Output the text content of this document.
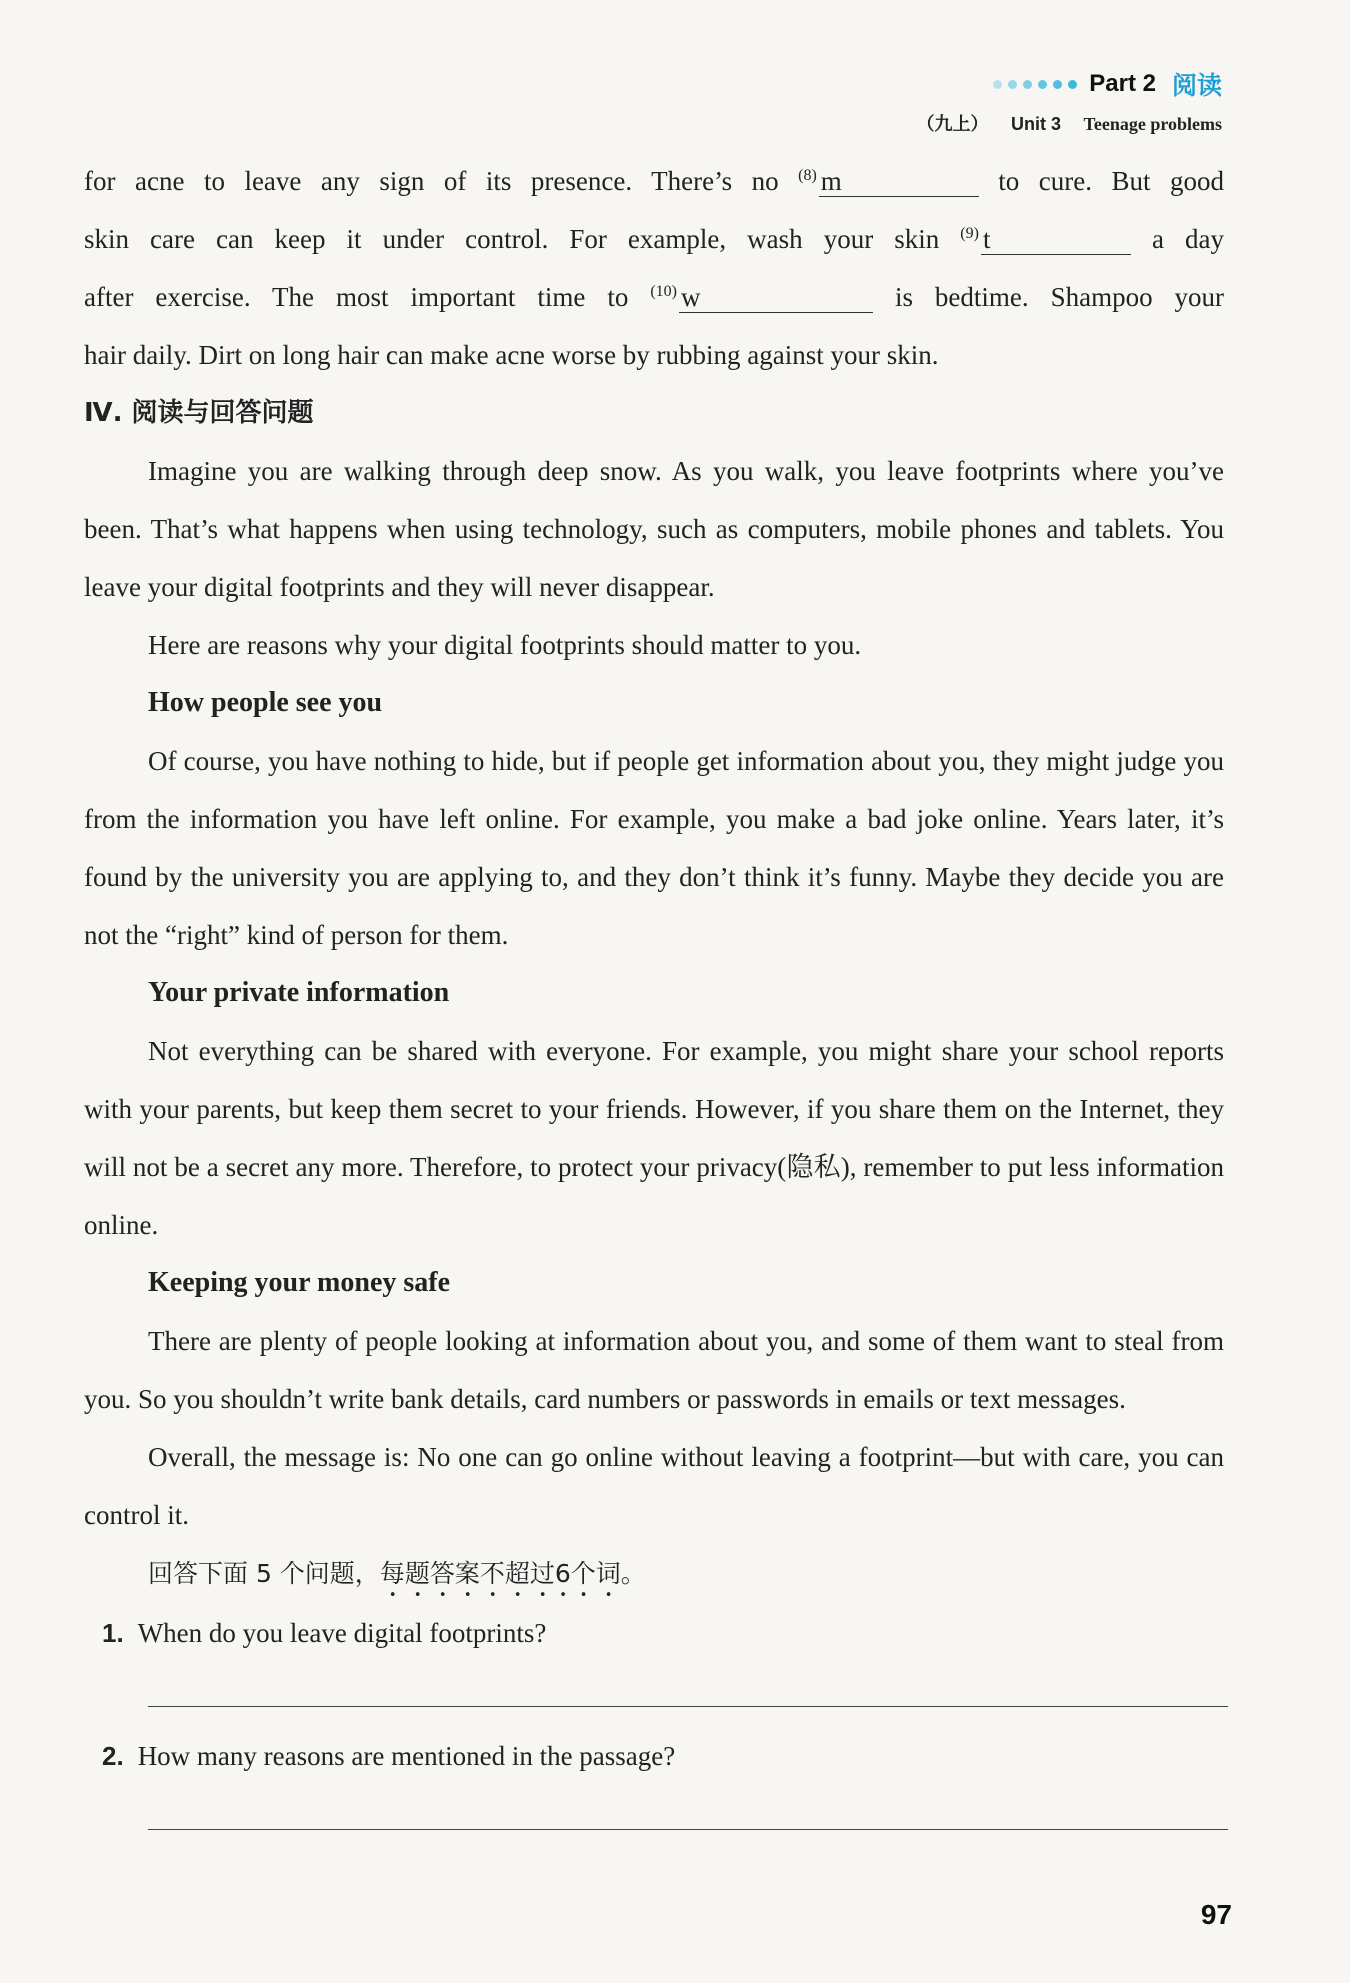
Part 2 阅读
（九上） Unit 3 Teenage problems

for acne to leave any sign of its presence. There’s no $^{(8)}$ m	to cure. But good

skin care can keep it under control. For example, wash your skin $^{(9)}$ t	a day

after exercise. The most important time to $^{(10)}$ w	is bedtime. Shampoo your

hair daily. Dirt on long hair can make acne worse by rubbing against your skin.

Ⅳ. 阅读与回答问题

Imagine you are walking through deep snow. As you walk, you leave footprints where you’ve been. That’s what happens when using technology, such as computers, mobile phones and tablets. You leave your digital footprints and they will never disappear.

Here are reasons why your digital footprints should matter to you.

How people see you

Of course, you have nothing to hide, but if people get information about you, they might judge you from the information you have left online. For example, you make a bad joke online. Years later, it’s found by the university you are applying to, and they don’t think it’s funny. Maybe they decide you are not the “right” kind of person for them.

Your private information

Not everything can be shared with everyone. For example, you might share your school reports with your parents, but keep them secret to your friends. However, if you share them on the Internet, they will not be a secret any more. Therefore, to protect your privacy(隐私), remember to put less information online.

Keeping your money safe

There are plenty of people looking at information about you, and some of them want to steal from you. So you shouldn’t write bank details, card numbers or passwords in emails or text messages.

Overall, the message is: No one can go online without leaving a footprint—but with care, you can control it.

回答下面 5 个问题，每题答案不超过6个词。

1. When do you leave digital footprints?

2. How many reasons are mentioned in the passage?

97
